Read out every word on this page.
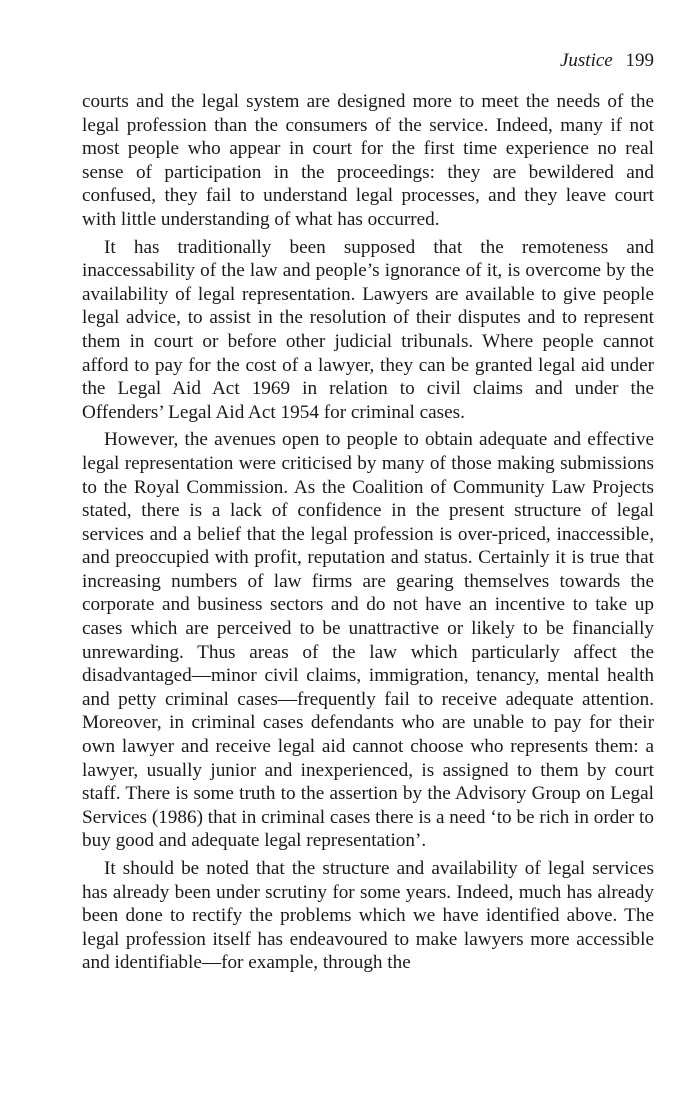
Justice 199

courts and the legal system are designed more to meet the needs of the legal profession than the consumers of the service. Indeed, many if not most people who appear in court for the first time experience no real sense of participation in the proceedings: they are bewildered and confused, they fail to understand legal processes, and they leave court with little understanding of what has occurred.

It has traditionally been supposed that the remoteness and inaccessability of the law and people’s ignorance of it, is overcome by the availability of legal representation. Lawyers are available to give people legal advice, to assist in the resolution of their disputes and to represent them in court or before other judicial tribunals. Where people cannot afford to pay for the cost of a lawyer, they can be granted legal aid under the Legal Aid Act 1969 in relation to civil claims and under the Offenders’ Legal Aid Act 1954 for criminal cases.

However, the avenues open to people to obtain adequate and effective legal representation were criticised by many of those making submissions to the Royal Commission. As the Coalition of Community Law Projects stated, there is a lack of confidence in the present structure of legal services and a belief that the legal profession is over-priced, inaccessible, and preoccupied with profit, reputation and status. Certainly it is true that increasing numbers of law firms are gearing themselves towards the corporate and business sectors and do not have an incentive to take up cases which are perceived to be unattractive or likely to be financially unrewarding. Thus areas of the law which particularly affect the disadvantaged—minor civil claims, immigration, tenancy, mental health and petty criminal cases—frequently fail to receive adequate attention. Moreover, in criminal cases defendants who are unable to pay for their own lawyer and receive legal aid cannot choose who represents them: a lawyer, usually junior and inexperienced, is assigned to them by court staff. There is some truth to the assertion by the Advisory Group on Legal Services (1986) that in criminal cases there is a need ‘to be rich in order to buy good and adequate legal representation’.

It should be noted that the structure and availability of legal services has already been under scrutiny for some years. Indeed, much has already been done to rectify the problems which we have identified above. The legal profession itself has endeavoured to make lawyers more accessible and identifiable—for example, through the
